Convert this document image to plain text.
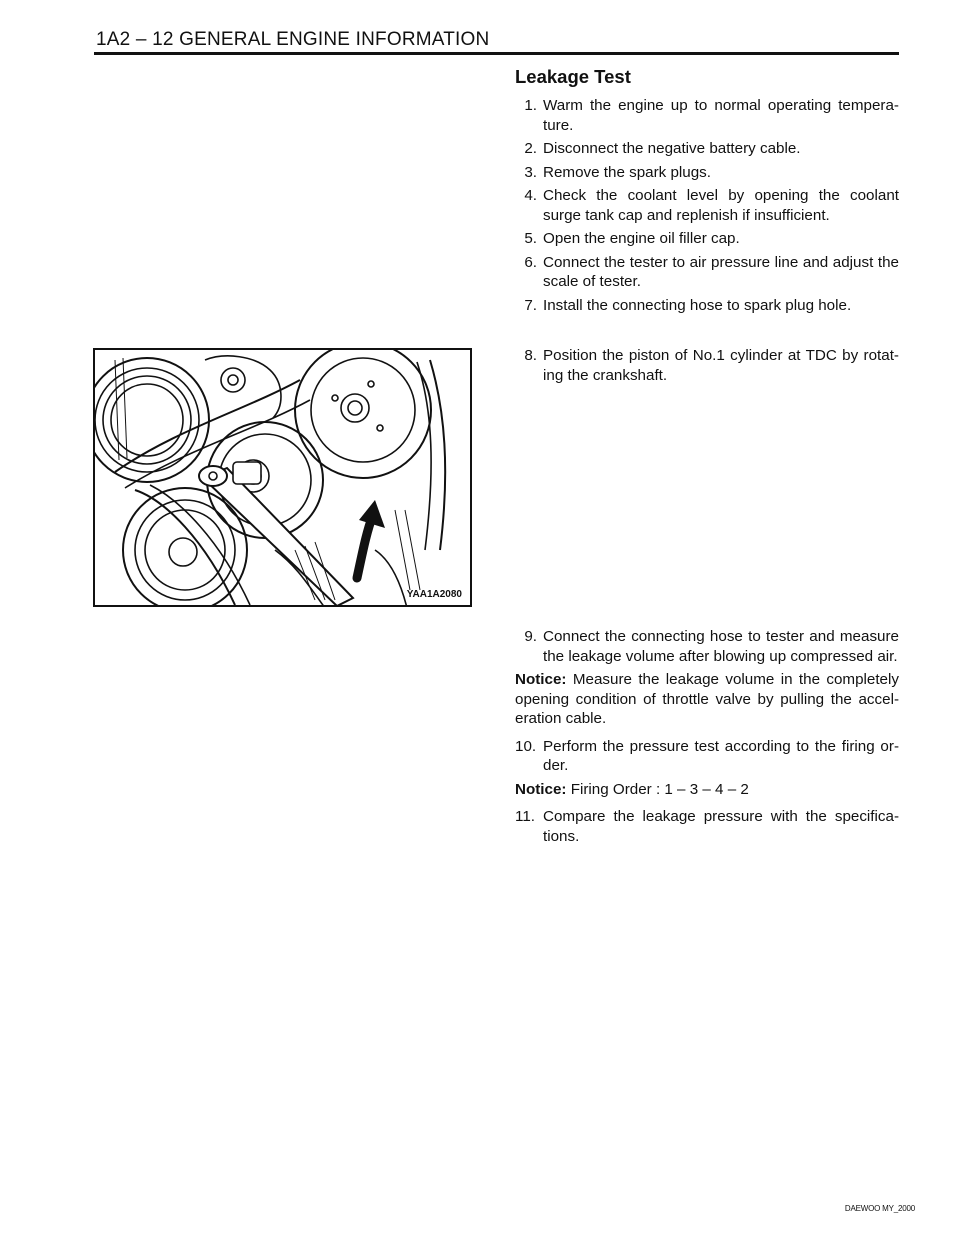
1A2 – 12 GENERAL ENGINE INFORMATION
Leakage Test
1. Warm the engine up to normal operating tempera-ture.
2. Disconnect the negative battery cable.
3. Remove the spark plugs.
4. Check the coolant level by opening the coolant surge tank cap and replenish if insufficient.
5. Open the engine oil filler cap.
6. Connect the tester to air pressure line and adjust the scale of tester.
7. Install the connecting hose to spark plug hole.
8. Position the piston of No.1 cylinder at TDC by rotat-ing the crankshaft.
YAA1A2080
9. Connect the connecting hose to tester and measure the leakage volume after blowing up compressed air.
Notice: Measure the leakage volume in the completely opening condition of throttle valve by pulling the accel-eration cable.
10. Perform the pressure test according to the firing or-der.
Notice: Firing Order : 1 – 3 – 4 – 2
11. Compare the leakage pressure with the specifica-tions.
DAEWOO MY_2000
